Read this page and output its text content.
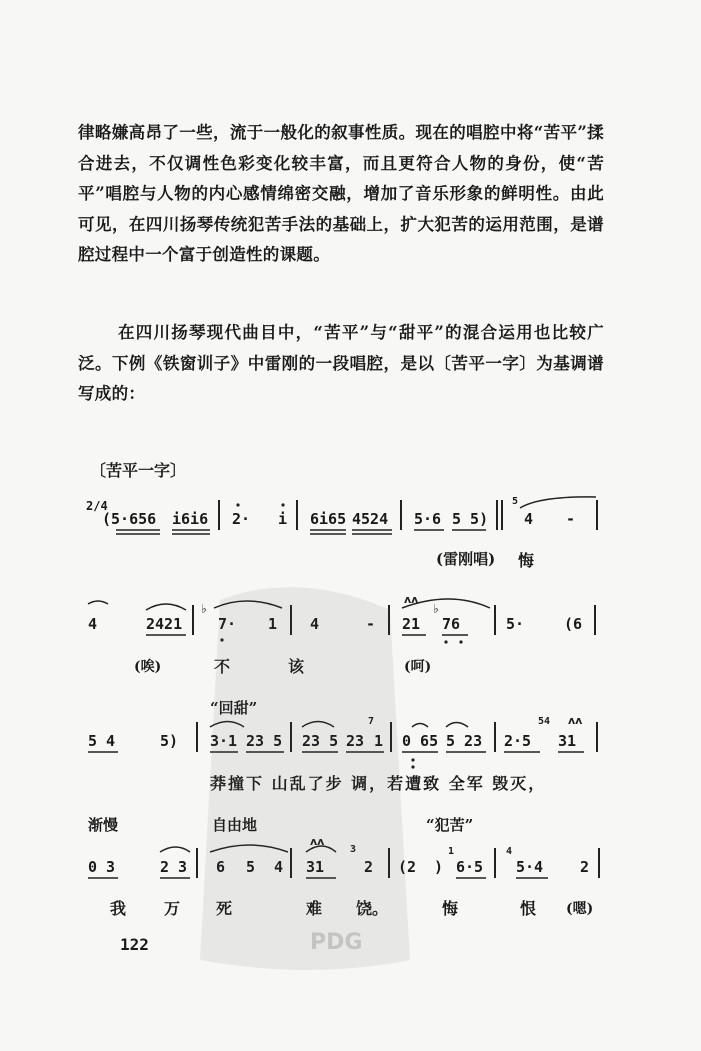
律略嫌高昂了一些，流于一般化的叙事性质。现在的唱腔中将“苦平”揉合进去，不仅调性色彩变化较丰富，而且更符合人物的身份，使“苦平”唱腔与人物的内心感情绵密交融，增加了音乐形象的鲜明性。由此可见，在四川扬琴传统犯苦手法的基础上，扩大犯苦的运用范围，是谱腔过程中一个富于创造性的课题。
在四川扬琴现代曲目中，“苦平”与“甜平”的混合运用也比较广泛。下例《铁窗训子》中雷刚的一段唱腔，是以〔苦平一字〕为基调谱写成的：
〔苦平一字〕
2/4
(5·656 i6i6 2· i 6i65 4524 5·6 5 5)
5
4 -
(雷刚唱) 悔
4	2421
♭
7· 1 4	- 21
♭
76	5·	(6
(唉)	不	该	(呵)
“回甜”
5 4	5) 3·1 23 5 23 5 23
7
1 0 65 5 23 2·5
54
31
莽撞下 山乱了步 调，若遭致 全军 毁灭，
渐慢	自由地	“犯苦”
0 3	2 3 6 5 4 31
3
2 (2 )
1
6·5
4
5·4 2
我 万 死	难 饶。	悔	恨 (嗯)
ʌʌ
ʌʌ
ʌʌ
PDG
122
